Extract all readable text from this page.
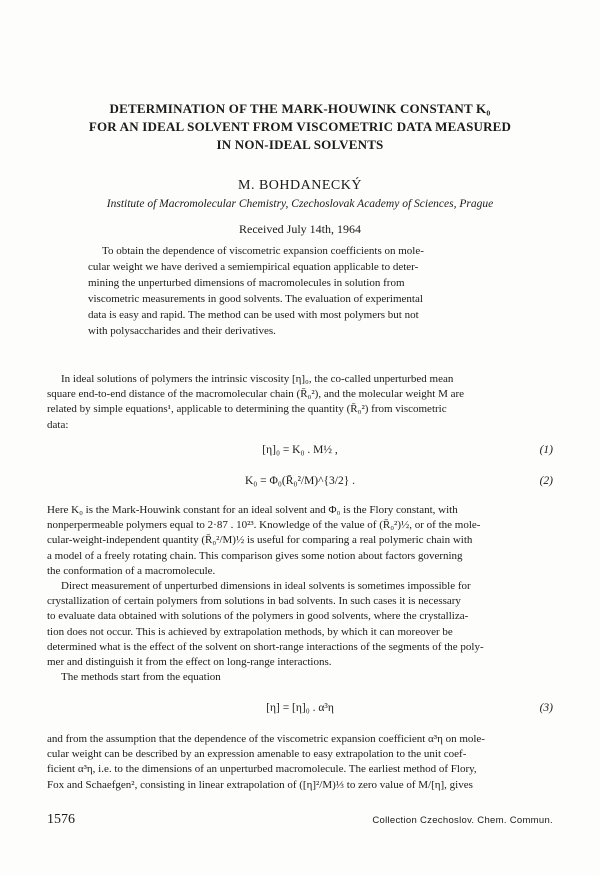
DETERMINATION OF THE MARK-HOUWINK CONSTANT K₀
FOR AN IDEAL SOLVENT FROM VISCOMETRIC DATA MEASURED
IN NON-IDEAL SOLVENTS
M. BOHDANECKÝ
Institute of Macromolecular Chemistry, Czechoslovak Academy of Sciences, Prague
Received July 14th, 1964
To obtain the dependence of viscometric expansion coefficients on mole-
cular weight we have derived a semiempirical equation applicable to deter-
mining the unperturbed dimensions of macromolecules in solution from
viscometric measurements in good solvents. The evaluation of experimental
data is easy and rapid. The method can be used with most polymers but not
with polysaccharides and their derivatives.
In ideal solutions of polymers the intrinsic viscosity [η]₀, the co-called unperturbed mean
square end-to-end distance of the macromolecular chain (R̄₀²), and the molecular weight M are
related by simple equations¹, applicable to determining the quantity (R̄₀²) from viscometric
data:
[η]₀ = K₀ . M½ ,	(1)
K₀ = Φ₀(R̄₀²/M)^{3/2} .	(2)
Here K₀ is the Mark-Houwink constant for an ideal solvent and Φ₀ is the Flory constant, with
nonperpermeable polymers equal to 2·87 . 10²³. Knowledge of the value of (R̄₀²)½, or of the mole-
cular-weight-independent quantity (R̄₀²/M)½ is useful for comparing a real polymeric chain with
a model of a freely rotating chain. This comparison gives some notion about factors governing
the conformation of a macromolecule.
Direct measurement of unperturbed dimensions in ideal solvents is sometimes impossible for
crystallization of certain polymers from solutions in bad solvents. In such cases it is necessary
to evaluate data obtained with solutions of the polymers in good solvents, where the crystalliza-
tion does not occur. This is achieved by extrapolation methods, by which it can moreover be
determined what is the effect of the solvent on short-range interactions of the segments of the poly-
mer and distinguish it from the effect on long-range interactions.
The methods start from the equation
[η] = [η]₀ . α³η	(3)
and from the assumption that the dependence of the viscometric expansion coefficient α³η on mole-
cular weight can be described by an expression amenable to easy extrapolation to the unit coef-
ficient α³η, i.e. to the dimensions of an unperturbed macromolecule. The earliest method of Flory,
Fox and Schaefgen², consisting in linear extrapolation of ([η]²/M)⅓ to zero value of M/[η], gives
1576	Collection Czechoslov. Chem. Commun.
